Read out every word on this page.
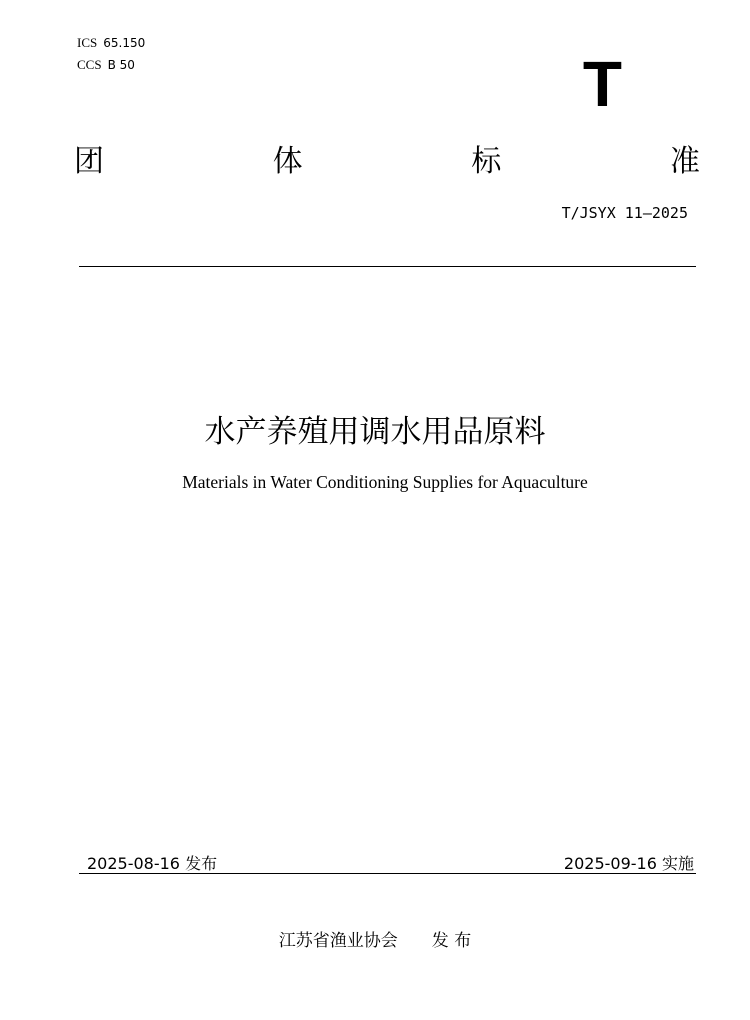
ICS 65.150
CCS B 50	T
团	体	标	准
T/JSYX 11—2025
水产养殖用调水用品原料
Materials in Water Conditioning Supplies for Aquaculture
2025-08-16 发布	2025-09-16 实施
江苏省渔业协会 发 布
